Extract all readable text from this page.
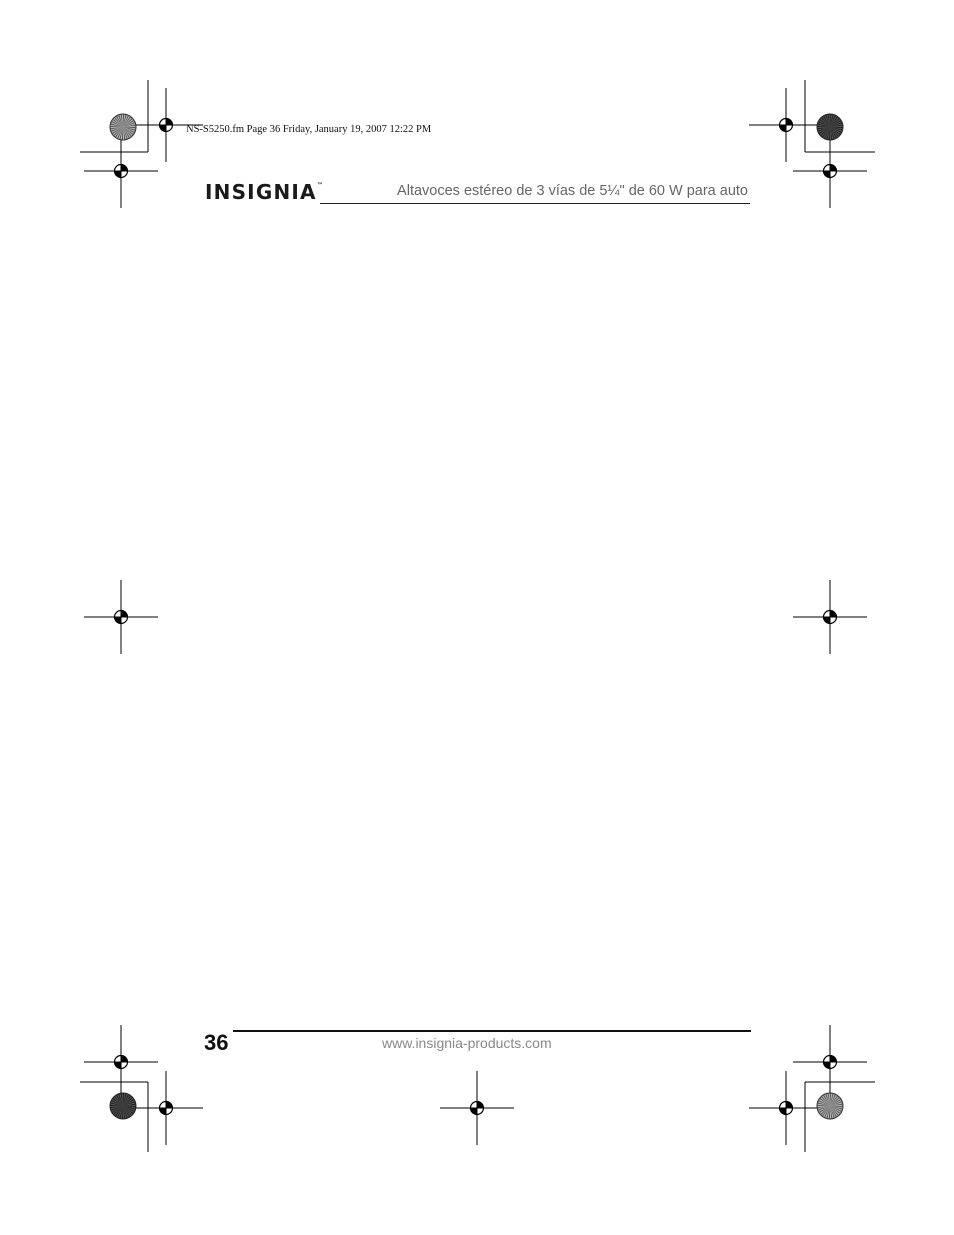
NS-S5250.fm Page 36 Friday, January 19, 2007 12:22 PM
INSIGNIA™	Altavoces estéreo de 3 vías de 5¼" de 60 W para auto
36	www.insignia-products.com
